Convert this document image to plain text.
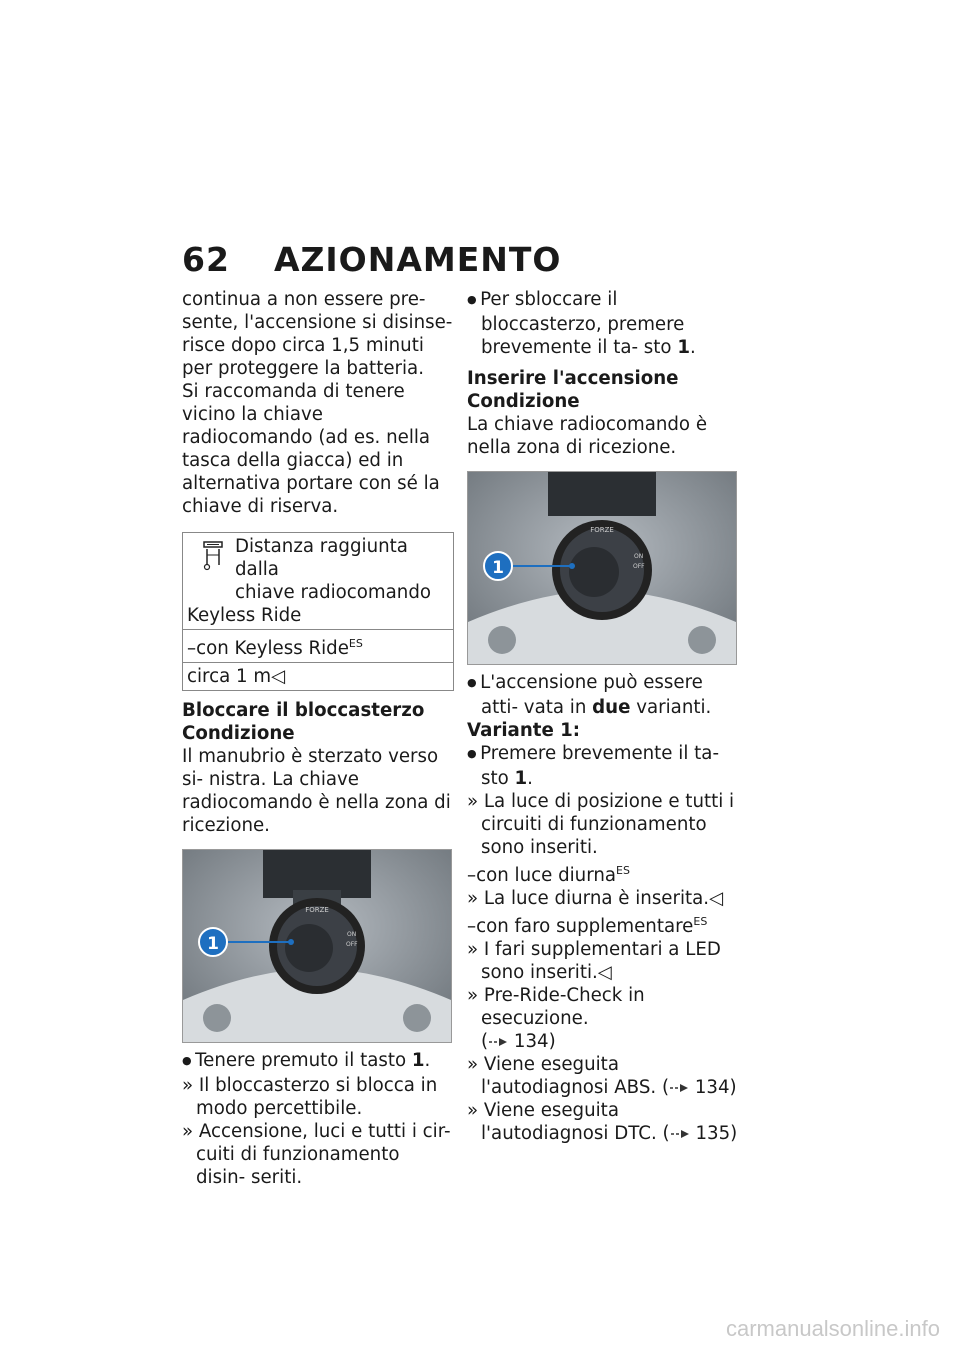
62 AZIONAMENTO

continua a non essere pre- sente, l'accensione si disinse- risce dopo circa 1,5 minuti per proteggere la batteria.

Si raccomanda di tenere vicino la chiave radiocomando (ad es. nella tasca della giacca) ed in alternativa portare con sé la chiave di riserva.

Distanza raggiunta dalla
chiave radiocomando
Keyless Ride
–con Keyless Ride$^{ES}$
circa 1 m◁

Bloccare il bloccasterzo

Condizione

Il manubrio è sterzato verso si- nistra. La chiave radiocomando è nella zona di ricezione.

FORZE
ON
OFF
1

● Tenere premuto il tasto 1.

» Il bloccasterzo si blocca in modo percettibile.

» Accensione, luci e tutti i cir- cuiti di funzionamento disin- seriti.

● Per sbloccare il bloccasterzo, premere brevemente il ta- sto 1.

Inserire l'accensione

Condizione

La chiave radiocomando è nella zona di ricezione.

FORZE
ON
OFF
1

● L'accensione può essere atti- vata in due varianti.

Variante 1:

● Premere brevemente il ta- sto 1.

» La luce di posizione e tutti i circuiti di funzionamento sono inseriti.

–con luce diurna$^{ES}$

» La luce diurna è inserita.◁

–con faro supplementare$^{ES}$

» I fari supplementari a LED sono inseriti.◁

» Pre-Ride-Check in esecuzione.
( 134)

» Viene eseguita l'autodiagnosi ABS. ( 134)

» Viene eseguita l'autodiagnosi DTC. ( 135)

carmanualsonline.info
